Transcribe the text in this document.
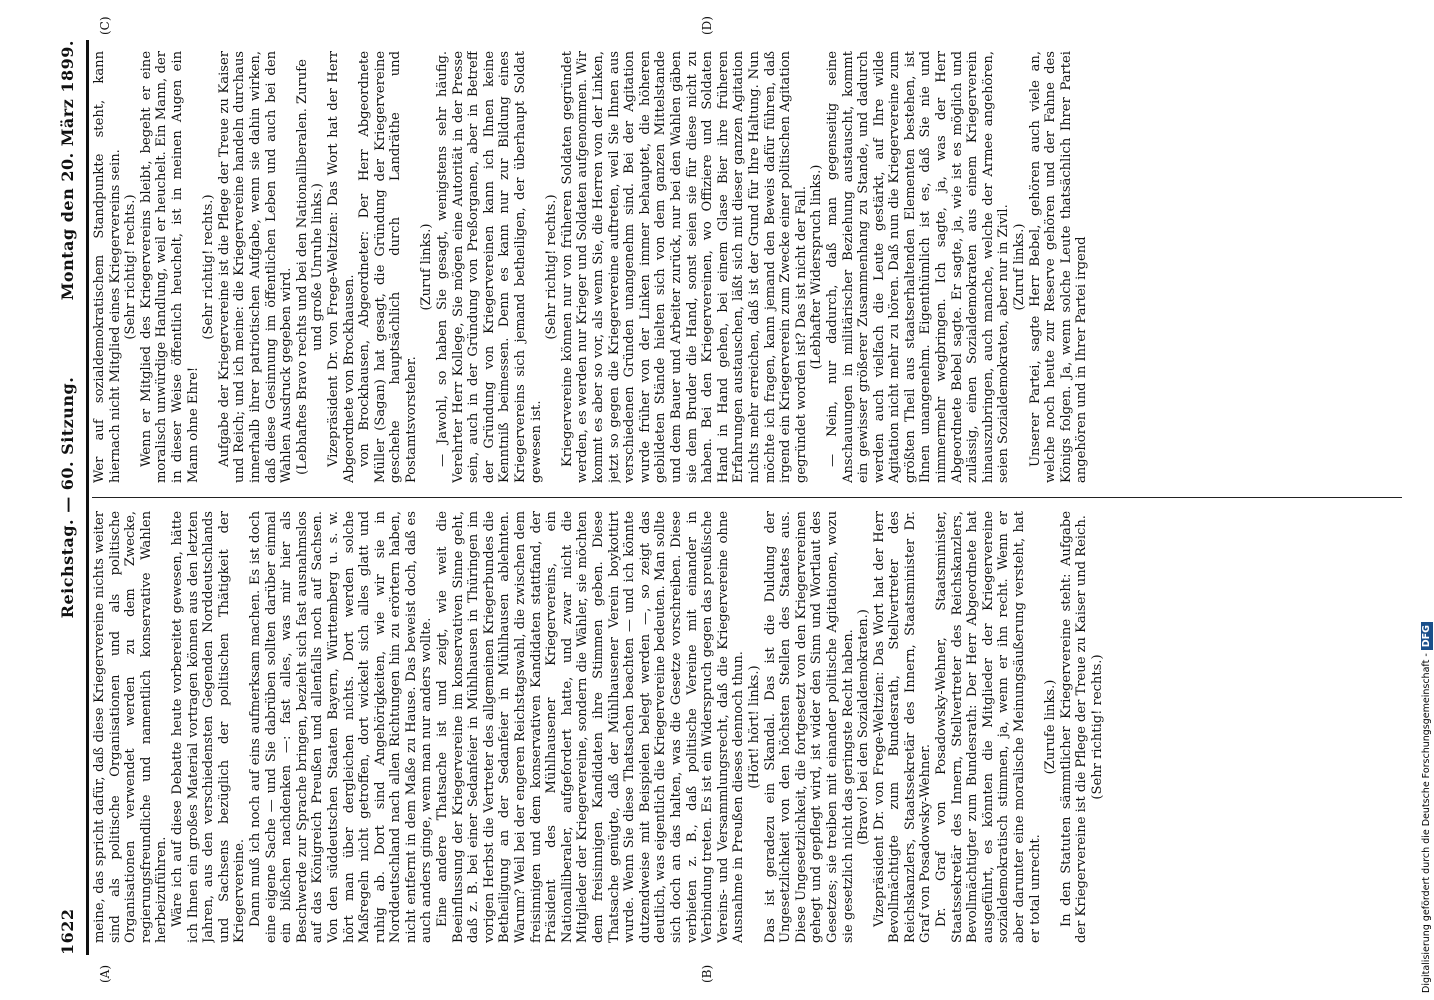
1622
Reichstag. — 60. Sitzung.
Montag den 20. März 1899.
(A)	(B)
(C)	(D)

meine, das spricht dafür, daß diese Kriegervereine nichts weiter sind als politische Organisationen und als politische Organisationen verwendet werden zu dem Zwecke, regierungsfreundliche und namentlich konservative Wahlen herbeizuführen. Wäre ich auf diese Debatte heute vorbereitet gewesen, hätte ich Ihnen ein großes Material vortragen können aus den letzten Jahren, aus den verschiedensten Gegenden Norddeutschlands und Sachsens bezüglich der politischen Thätigkeit der Kriegervereine. Dann muß ich noch auf eins aufmerksam machen. Es ist doch eine eigene Sache — und Sie dabrüben sollten darüber einmal ein bißchen nachdenken —: fast alles, was mir hier als Beschwerde zur Sprache bringen, bezieht sich fast ausnahmslos auf das Königreich Preußen und allenfalls noch auf Sachsen. Von den süddeutschen Staaten Bayern, Württemberg u. s. w. hört man über dergleichen nichts. Dort werden solche Maßregeln nicht getroffen, dort wickelt sich alles glatt und ruhig ab. Dort sind Angehörigkeiten, wie wir sie in Norddeutschland nach allen Richtungen hin zu erörtern haben, nicht entfernt in dem Maße zu Hause. Das beweist doch, daß es auch anders ginge, wenn man nur anders wollte. Eine andere Thatsache ist und zeigt, wie weit die Beeinflussung der Kriegervereine im konservativen Sinne geht, daß z. B. bei einer Sedanfeier in Mühlhausen in Thüringen im vorigen Herbst die Vertreter des allgemeinen Kriegerbundes die Betheiligung an der Sedanfeier in Mühlhausen ablehnten. Warum? Weil bei der engeren Reichstagswahl, die zwischen dem freisinnigen und dem konservativen Kandidaten stattfand, der Präsident des Mühlhausener Kriegervereins, ein Nationalliberaler, aufgefordert hatte, und zwar nicht die Mitglieder der Kriegervereine, sondern die Wähler, sie möchten dem freisinnigen Kandidaten ihre Stimmen geben. Diese Thatsache genügte, daß der Mühlhausener Verein boykottirt wurde. Wenn Sie diese Thatsachen beachten — und ich könnte dutzendweise mit Beispielen belegt werden —, so zeigt das deutlich, was eigentlich die Kriegervereine bedeuten. Man sollte sich doch an das halten, was die Gesetze vorschreiben. Diese verbieten z. B., daß politische Vereine mit einander in Verbindung treten. Es ist ein Widerspruch gegen das preußische Vereins- und Versammlungsrecht, daß die Kriegervereine ohne Ausnahme in Preußen dieses dennoch thun. (Hört! hört! links.) Das ist geradezu ein Skandal. Das ist die Duldung der Ungesetzlichkeit von den höchsten Stellen des Staates aus. Diese Ungesetzlichkeit, die fortgesetzt von den Kriegervereinen gehegt und gepflegt wird, ist wider den Sinn und Wortlaut des Gesetzes; sie treiben mit einander politische Agitationen, wozu sie gesetzlich nicht das geringste Recht haben. (Bravo! bei den Sozialdemokraten.) Vizepräsident Dr. von Frege-Weltzien: Das Wort hat der Herr Bevollmächtigte zum Bundesrath, Stellvertreter des Reichskanzlers, Staatssekretär des Innern, Staatsminister Dr. Graf von Posadowsky-Wehner. Dr. Graf von Posadowsky-Wehner, Staatsminister, Staatssekretär des Innern, Stellvertreter des Reichskanzlers, Bevollmächtigter zum Bundesrath: Der Herr Abgeordnete hat ausgeführt, es könnten die Mitglieder der Kriegervereine sozialdemokratisch stimmen, ja, wenn er ihn recht. Wenn er aber darunter eine moralische Meinungsäußerung versteht, hat er total unrecht.

(Zurufe links.) In den Statuten sämmtlicher Kriegervereine steht: Aufgabe der Kriegervereine ist die Pflege der Treue zu Kaiser und Reich. (Sehr richtig! rechts.)

Wer auf sozialdemokratischem Standpunkte steht, kann hiernach nicht Mitglied eines Kriegervereins sein. (Sehr richtig! rechts.) Wenn er Mitglied des Kriegervereins bleibt, begeht er eine moralisch unwürdige Handlung, weil er heuchelt. Ein Mann, der in dieser Weise öffentlich heuchelt, ist in meinen Augen ein Mann ohne Ehre!

(Sehr richtig! rechts.) Aufgabe der Kriegervereine ist die Pflege der Treue zu Kaiser und Reich; und ich meine: die Kriegervereine handeln durchaus innerhalb ihrer patriotischen Aufgabe, wenn sie dahin wirken, daß diese Gesinnung im öffentlichen Leben und auch bei den Wahlen Ausdruck gegeben wird. (Lebhaftes Bravo rechts und bei den Nationalliberalen. Zurufe und große Unruhe links.) Vizepräsident Dr. von Frege-Weltzien: Das Wort hat der Herr Abgeordnete von Brockhausen. von Brockhausen, Abgeordneter: Der Herr Abgeordnete Müller (Sagan) hat gesagt, die Gründung der Kriegervereine geschehe hauptsächlich durch Landräthe und Postamtsvorsteher.

(Zuruf links.) — Jawohl, so haben Sie gesagt, wenigstens sehr häufig. Verehrter Herr Kollege, Sie mögen eine Autorität in der Presse sein, auch in der Gründung von Preßorganen, aber in Betreff der Gründung von Kriegervereinen kann ich Ihnen keine Kenntniß beimessen. Denn es kann nur zur Bildung eines Kriegervereins sich jemand betheiligen, der überhaupt Soldat gewesen ist.

(Sehr richtig! rechts.) Kriegervereine können nur von früheren Soldaten gegründet werden, es werden nur Krieger und Soldaten aufgenommen. Wir kommt es aber so vor, als wenn Sie, die Herren von der Linken, jetzt so gegen die Kriegervereine auftreten, weil Sie Ihnen aus verschiedenen Gründen unangenehm sind. Bei der Agitation wurde früher von der Linken immer behauptet, die höheren gebildeten Stände hielten sich von dem ganzen Mittelstande und dem Bauer und Arbeiter zurück, nur bei den Wahlen gäben sie dem Bruder die Hand, sonst seien sie für diese nicht zu haben. Bei den Kriegervereinen, wo Offiziere und Soldaten Hand in Hand gehen, bei einem Glase Bier ihre früheren Erfahrungen austauschen, läßt sich mit dieser ganzen Agitation nichts mehr erreichen, daß ist der Grund für Ihre Haltung. Nun möchte ich fragen, kann jemand den Beweis dafür führen, daß irgend ein Kriegerverein zum Zwecke einer politischen Agitation gegründet worden ist? Das ist nicht der Fall. (Lebhafter Widerspruch links.) — Nein, nur dadurch, daß man gegenseitig seine Anschauungen in militärischer Beziehung austauscht, kommt ein gewisser größerer Zusammenhang zu Stande, und dadurch werden auch vielfach die Leute gestärkt, auf Ihre wilde Agitation nicht mehr zu hören. Daß nun die Kriegervereine zum größten Theil aus staatserhaltenden Elementen bestehen, ist Ihnen unangenehm. Eigenthümlich ist es, daß Sie nie und nimmermehr wegbringen. Ich sagte, ja, was der Herr Abgeordnete Bebel sagte. Er sagte, ja, wie ist es möglich und zulässig, einen Sozialdemokraten aus einem Kriegerverein hinauszubringen, auch manche, welche der Armee angehören, seien Sozialdemokraten, aber nur in Zivil. (Zuruf links.) Unserer Partei, sagte Herr Bebel, gehören auch viele an, welche noch heute zur Reserve gehören und der Fahne des Königs folgen. Ja, wenn solche Leute thatsächlich Ihrer Partei angehören und in Ihrer Partei irgend

Digitalisierung gefördert durch die Deutsche Forschungsgemeinschaft -DFG
